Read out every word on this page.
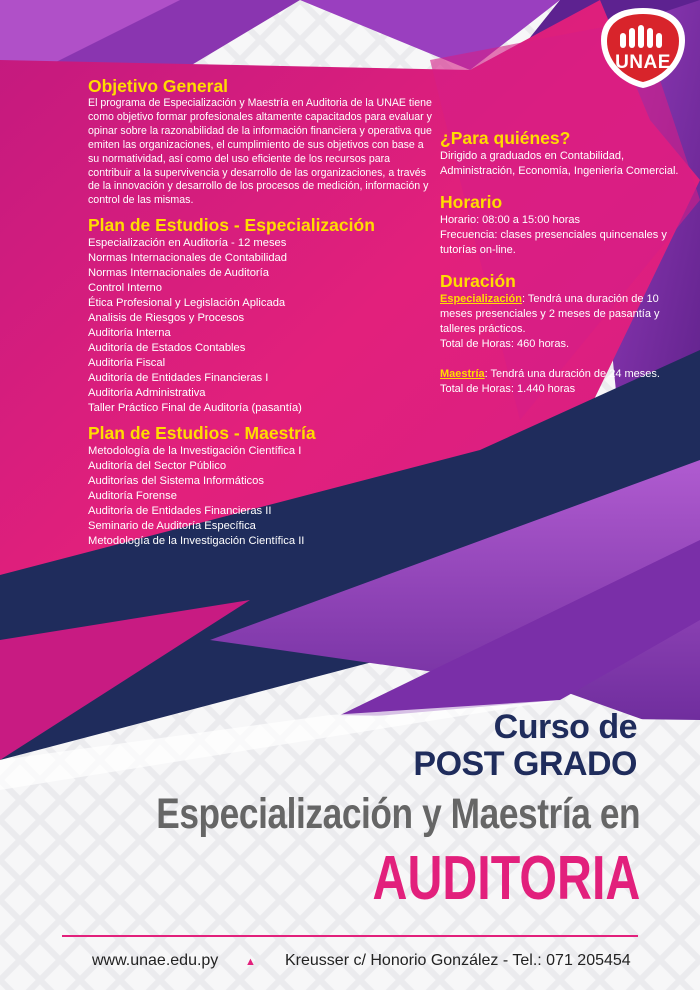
UNAE
Objetivo General

El programa de Especialización y Maestría en Auditoria de la UNAE tiene como objetivo formar profesionales altamente capacitados para evaluar y opinar sobre la razonabilidad de la información financiera y operativa que emiten las organizaciones, el cumplimiento de sus objetivos con base a su normatividad, así como del uso eficiente de los recursos para contribuir a la supervivencia y desarrollo de las organizaciones, a través de la innovación y desarrollo de los procesos de medición, información y control de las mismas.

Plan de Estudios - Especialización
Especialización en Auditoría - 12 meses
Normas Internacionales de Contabilidad
Normas Internacionales de Auditoría
Control Interno
Ética Profesional y Legislación Aplicada
Analisis de Riesgos y Procesos
Auditoría Interna
Auditoría de Estados Contables
Auditoría Fiscal
Auditoría de Entidades Financieras I
Auditoría Administrativa
Taller Práctico Final de Auditoría (pasantía)
Plan de Estudios - Maestría
Metodología de la Investigación Científica I
Auditoría del Sector Público
Auditorías del Sistema Informáticos
Auditoría Forense
Auditoría de Entidades Financieras II
Seminario de Auditoría Específica
Metodología de la Investigación Científica II
¿Para quiénes?

Dirigido a graduados en Contabilidad, Administración, Economía, Ingeniería Comercial.

Horario

Horario: 08:00 a 15:00 horas

Frecuencia: clases presenciales quincenales y tutorías on-line.

Duración

Especialización: Tendrá una duración de 10 meses presenciales y 2 meses de pasantía y talleres prácticos.

Total de Horas: 460 horas.

Maestría: Tendrá una duración de 24 meses.

Total de Horas: 1.440 horas

Curso de
POST GRADO
Especialización y Maestría en
AUDITORIA
www.unae.edu.py ▲ Kreusser c/ Honorio González - Tel.: 071 205454
